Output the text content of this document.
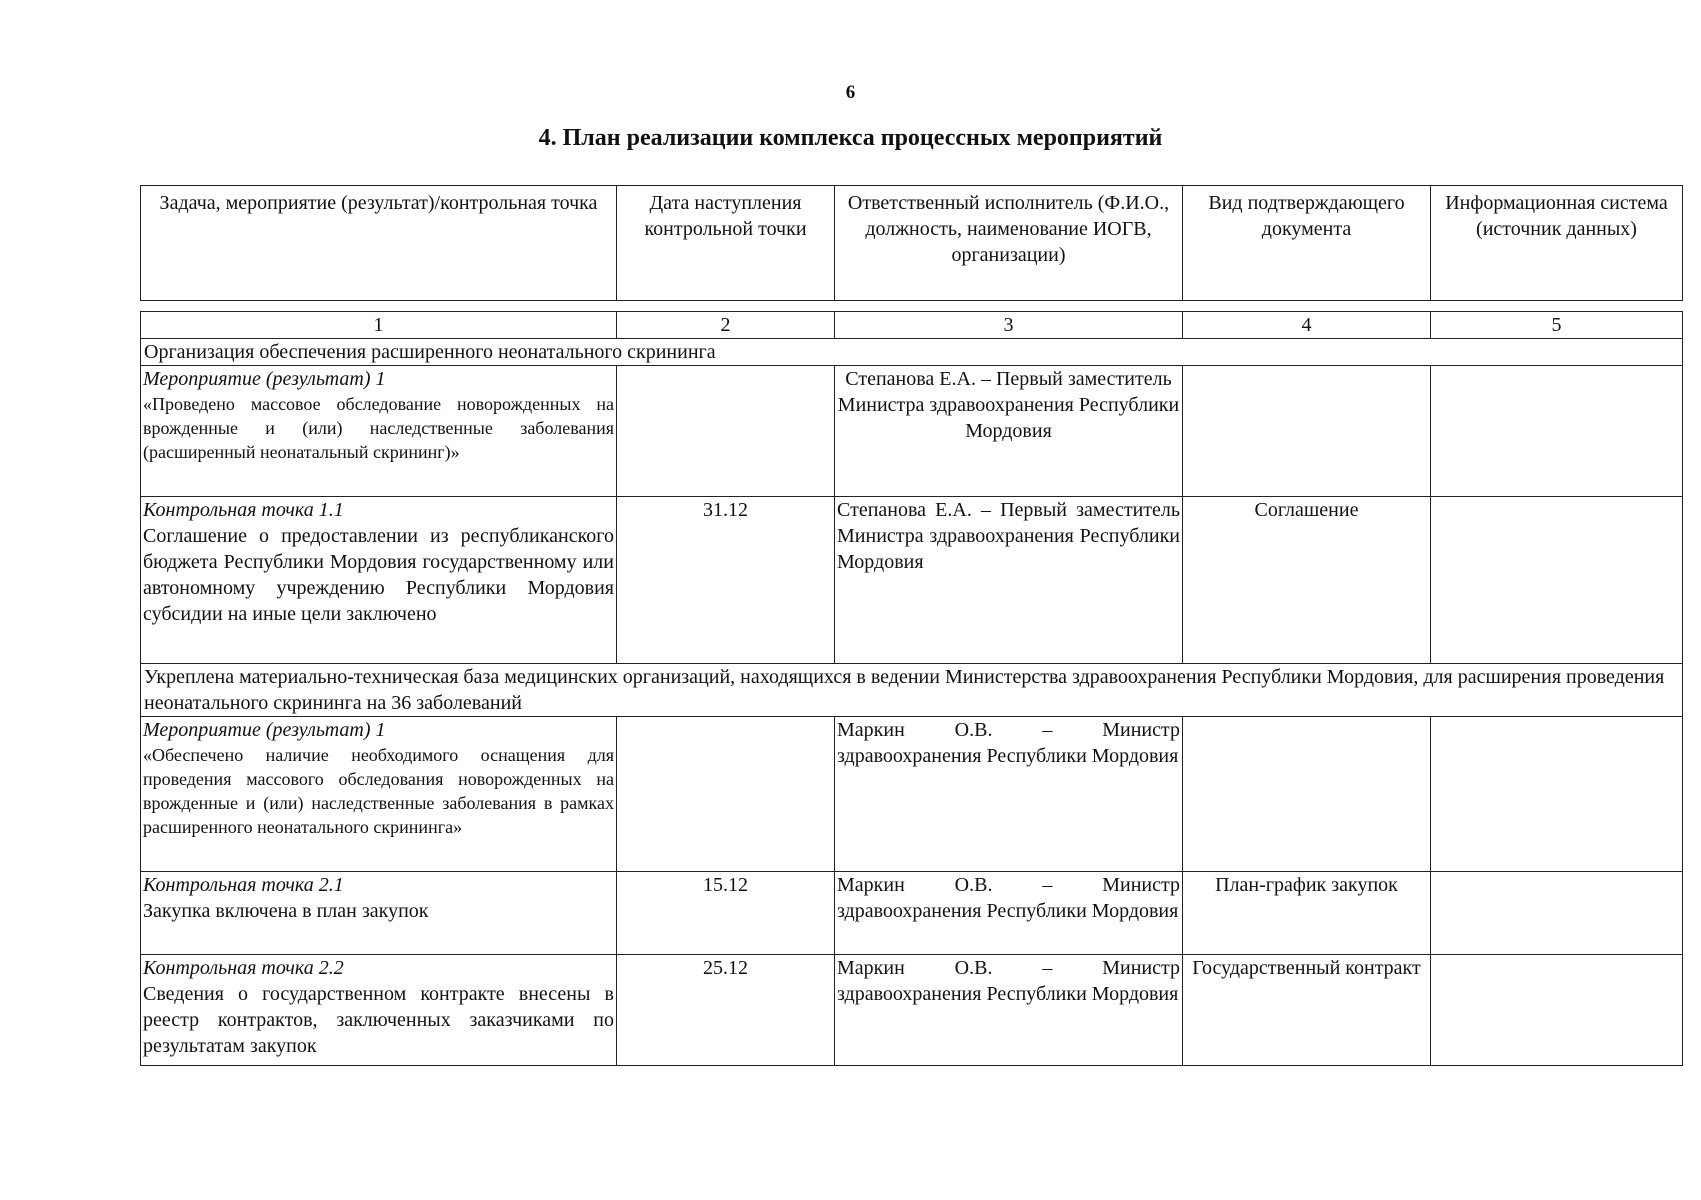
6
4. План реализации комплекса процессных мероприятий
Задача, мероприятие (результат)/контрольная точка	Дата наступления контрольной точки	Ответственный исполнитель (Ф.И.О., должность, наименование ИОГВ, организации)	Вид подтверждающего документа	Информационная система (источник данных)
1	2	3	4	5
Организация обеспечения расширенного неонатального скрининга				

Мероприятие (результат) 1
«Проведено массовое обследование новорожденных на врожденные и (или) наследственные заболевания (расширенный неонатальный скрининг)»		Степанова Е.А. – Первый заместитель Министра здравоохранения Республики Мордовия		

Контрольная точка 1.1
Соглашение о предоставлении из республиканского бюджета Республики Мордовия государственному или автономному учреждению Республики Мордовия субсидии на иные цели заключено	31.12	Степанова Е.А. – Первый заместитель Министра здравоохранения Республики Мордовия	Соглашение	
Укреплена материально-техническая база медицинских организаций, находящихся в ведении Министерства здравоохранения Республики Мордовия, для расширения проведения неонатального скрининга на 36 заболеваний				

Мероприятие (результат) 1
«Обеспечено наличие необходимого оснащения для проведения массового обследования новорожденных на врожденные и (или) наследственные заболевания в рамках расширенного неонатального скрининга»		Маркин О.В. – Министр здравоохранения Республики Мордовия		

Контрольная точка 2.1
Закупка включена в план закупок	15.12	Маркин О.В. – Министр здравоохранения Республики Мордовия	План-график закупок	

Контрольная точка 2.2
Сведения о государственном контракте внесены в реестр контрактов, заключенных заказчиками по результатам закупок	25.12	Маркин О.В. – Министр здравоохранения Республики Мордовия	Государственный контракт	
